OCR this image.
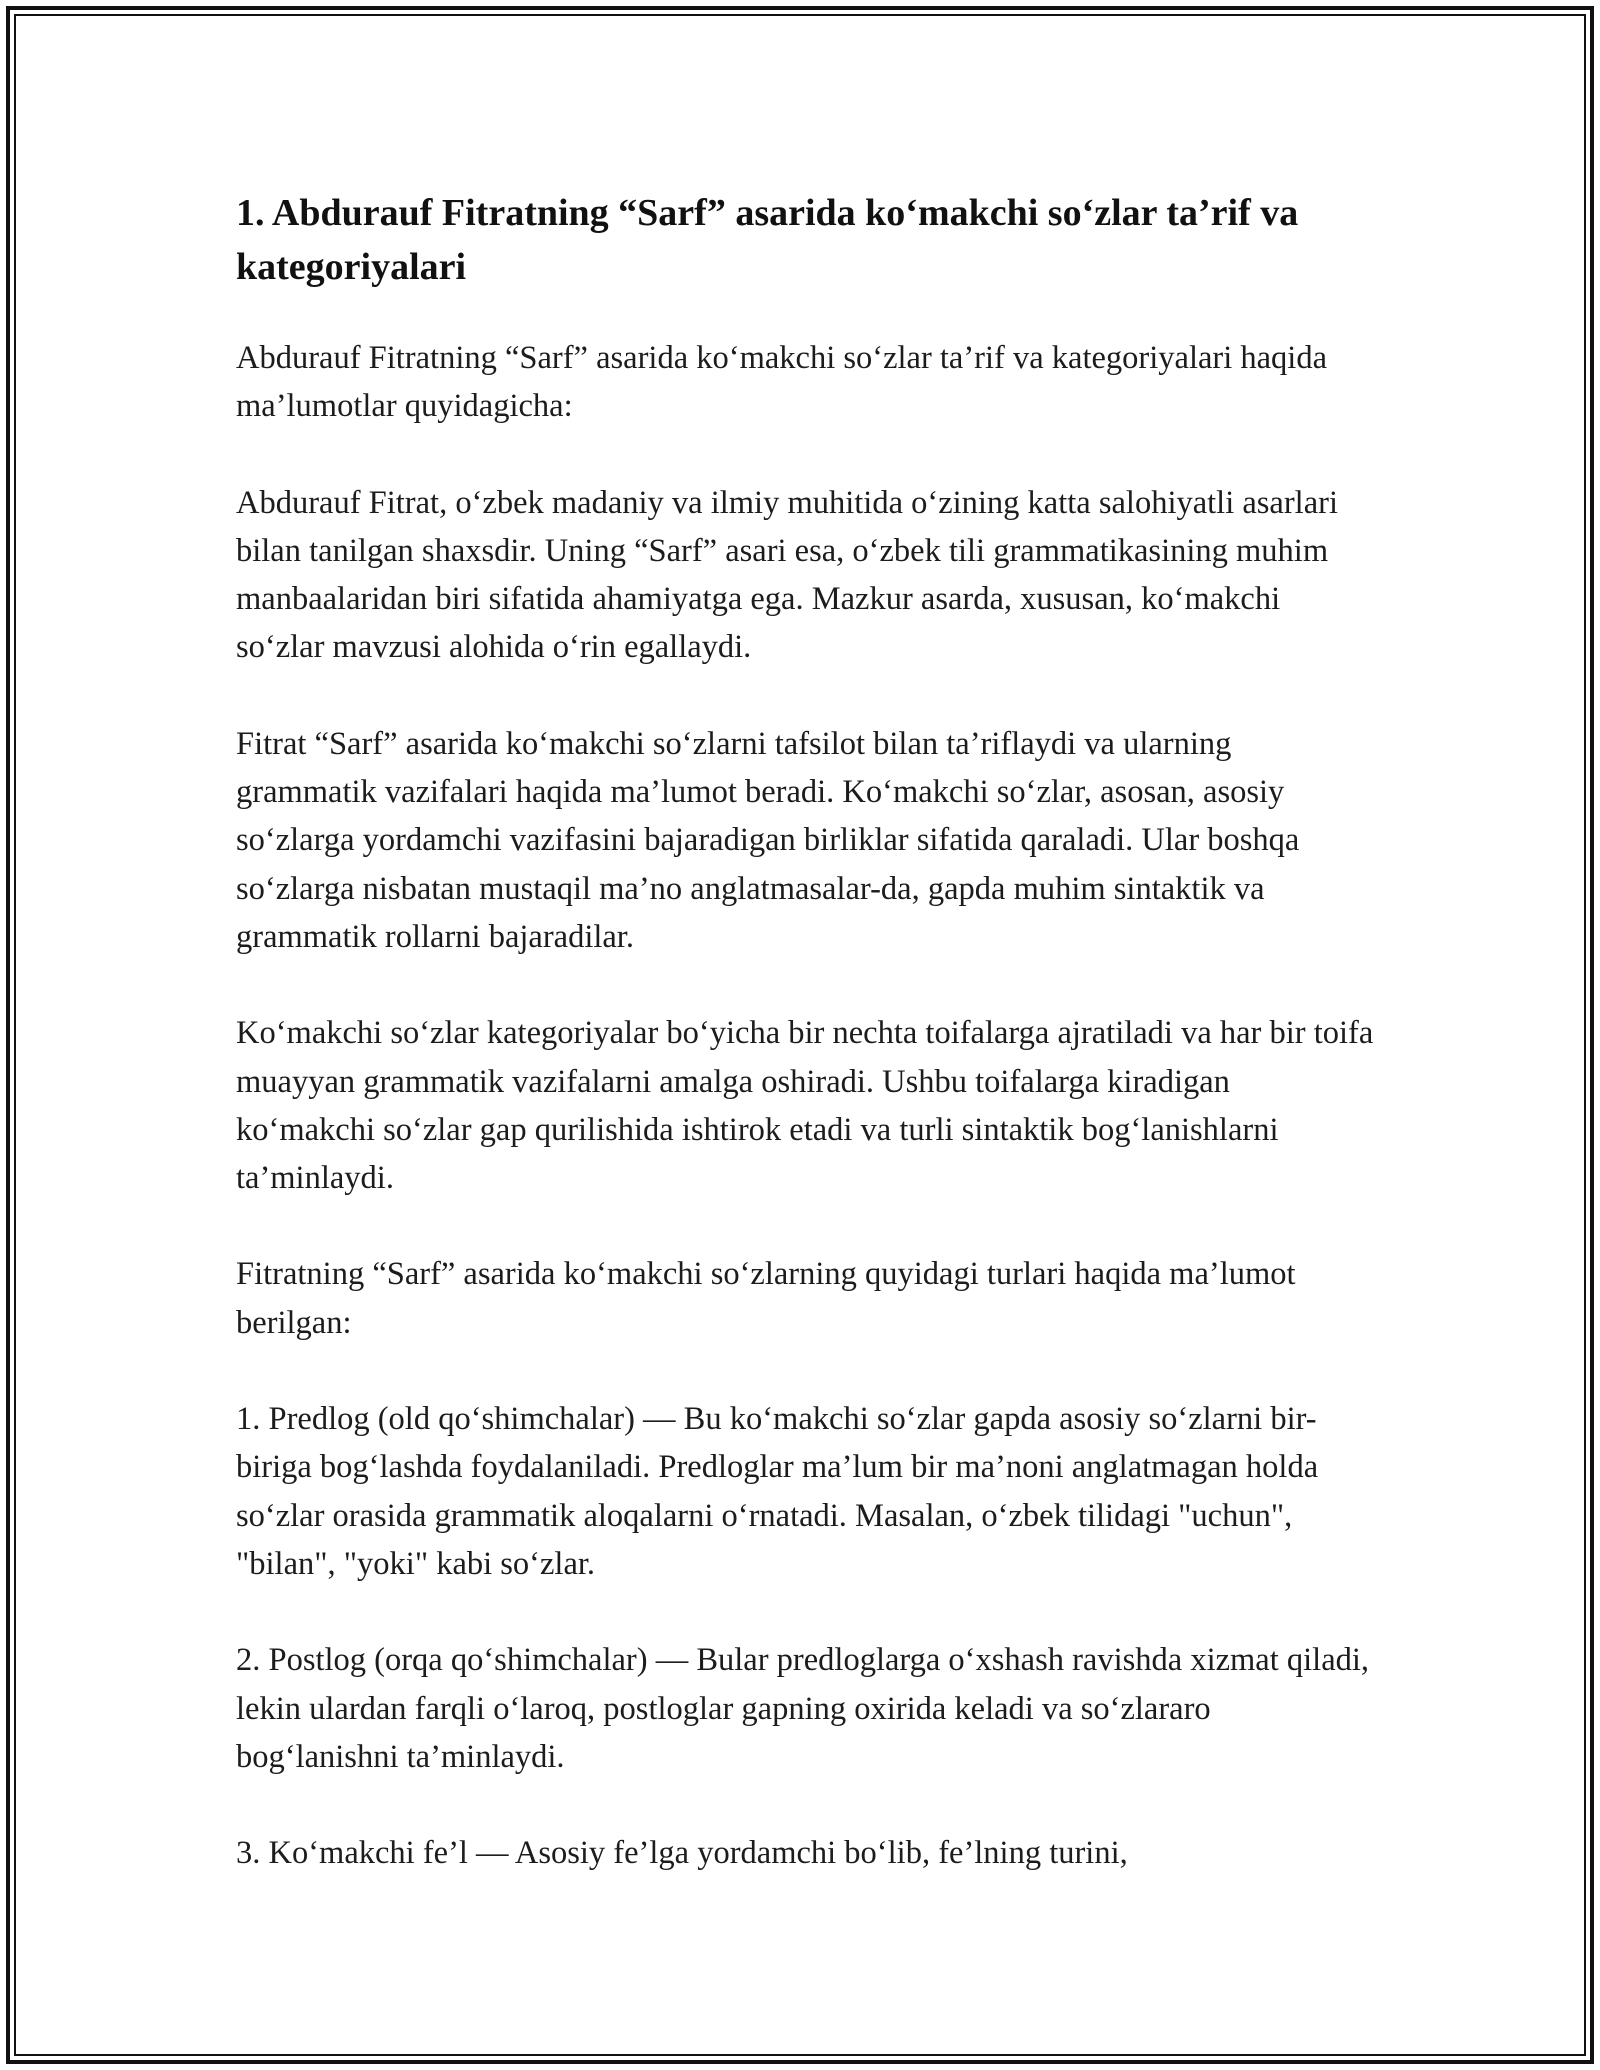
1. Abdurauf Fitratning “Sarf” asarida ko‘makchi so‘zlar ta’rif va kategoriyalari

Abdurauf Fitratning “Sarf” asarida ko‘makchi so‘zlar ta’rif va kategoriyalari haqida ma’lumotlar quyidagicha:

Abdurauf Fitrat, o‘zbek madaniy va ilmiy muhitida o‘zining katta salohiyatli asarlari bilan tanilgan shaxsdir. Uning “Sarf” asari esa, o‘zbek tili grammatikasining muhim manbaalaridan biri sifatida ahamiyatga ega. Mazkur asarda, xususan, ko‘makchi so‘zlar mavzusi alohida o‘rin egallaydi.

Fitrat “Sarf” asarida ko‘makchi so‘zlarni tafsilot bilan ta’riflaydi va ularning grammatik vazifalari haqida ma’lumot beradi. Ko‘makchi so‘zlar, asosan, asosiy so‘zlarga yordamchi vazifasini bajaradigan birliklar sifatida qaraladi. Ular boshqa so‘zlarga nisbatan mustaqil ma’no anglatmasalar-da, gapda muhim sintaktik va grammatik rollarni bajaradilar.

Ko‘makchi so‘zlar kategoriyalar bo‘yicha bir nechta toifalarga ajratiladi va har bir toifa muayyan grammatik vazifalarni amalga oshiradi. Ushbu toifalarga kiradigan ko‘makchi so‘zlar gap qurilishida ishtirok etadi va turli sintaktik bog‘lanishlarni ta’minlaydi.

Fitratning “Sarf” asarida ko‘makchi so‘zlarning quyidagi turlari haqida ma’lumot berilgan:

1. Predlog (old qo‘shimchalar) — Bu ko‘makchi so‘zlar gapda asosiy so‘zlarni bir-biriga bog‘lashda foydalaniladi. Predloglar ma’lum bir ma’noni anglatmagan holda so‘zlar orasida grammatik aloqalarni o‘rnatadi. Masalan, o‘zbek tilidagi "uchun", "bilan", "yoki" kabi so‘zlar.

2. Postlog (orqa qo‘shimchalar) — Bular predloglarga o‘xshash ravishda xizmat qiladi, lekin ulardan farqli o‘laroq, postloglar gapning oxirida keladi va so‘zlararo bog‘lanishni ta’minlaydi.

3. Ko‘makchi fe’l — Asosiy fe’lga yordamchi bo‘lib, fe’lning turini,
